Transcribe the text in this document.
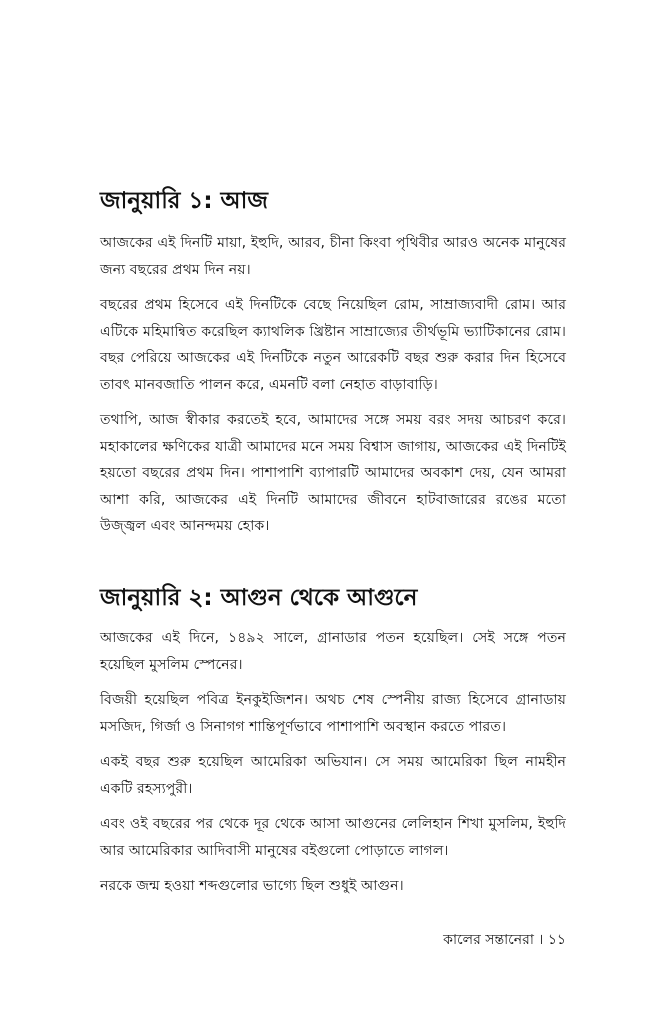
জানুয়ারি ১: আজ

আজকের এই দিনটি মায়া, ইহুদি, আরব, চীনা কিংবা পৃথিবীর আরও অনেক মানুষের জন্য বছরের প্রথম দিন নয়।

বছরের প্রথম হিসেবে এই দিনটিকে বেছে নিয়েছিল রোম, সাম্রাজ্যবাদী রোম। আর এটিকে মহিমান্বিত করেছিল ক্যাথলিক খ্রিষ্টান সাম্রাজ্যের তীর্থভূমি ভ্যাটিকানের রোম। বছর পেরিয়ে আজকের এই দিনটিকে নতুন আরেকটি বছর শুরু করার দিন হিসেবে তাবৎ মানবজাতি পালন করে, এমনটি বলা নেহাত বাড়াবাড়ি।

তথাপি, আজ স্বীকার করতেই হবে, আমাদের সঙ্গে সময় বরং সদয় আচরণ করে। মহাকালের ক্ষণিকের যাত্রী আমাদের মনে সময় বিশ্বাস জাগায়, আজকের এই দিনটিই হয়তো বছরের প্রথম দিন। পাশাপাশি ব্যাপারটি আমাদের অবকাশ দেয়, যেন আমরা আশা করি, আজকের এই দিনটি আমাদের জীবনে হাটবাজারের রঙের মতো উজ্জ্বল এবং আনন্দময় হোক।

জানুয়ারি ২: আগুন থেকে আগুনে

আজকের এই দিনে, ১৪৯২ সালে, গ্রানাডার পতন হয়েছিল। সেই সঙ্গে পতন হয়েছিল মুসলিম স্পেনের।

বিজয়ী হয়েছিল পবিত্র ইনকুইজিশন। অথচ শেষ স্পেনীয় রাজ্য হিসেবে গ্রানাডায় মসজিদ, গির্জা ও সিনাগগ শান্তিপূর্ণভাবে পাশাপাশি অবস্থান করতে পারত।

একই বছর শুরু হয়েছিল আমেরিকা অভিযান। সে সময় আমেরিকা ছিল নামহীন একটি রহস্যপুরী।

এবং ওই বছরের পর থেকে দূর থেকে আসা আগুনের লেলিহান শিখা মুসলিম, ইহুদি আর আমেরিকার আদিবাসী মানুষের বইগুলো পোড়াতে লাগল।

নরকে জন্ম হওয়া শব্দগুলোর ভাগ্যে ছিল শুধুই আগুন।

কালের সন্তানেরা । ১১
